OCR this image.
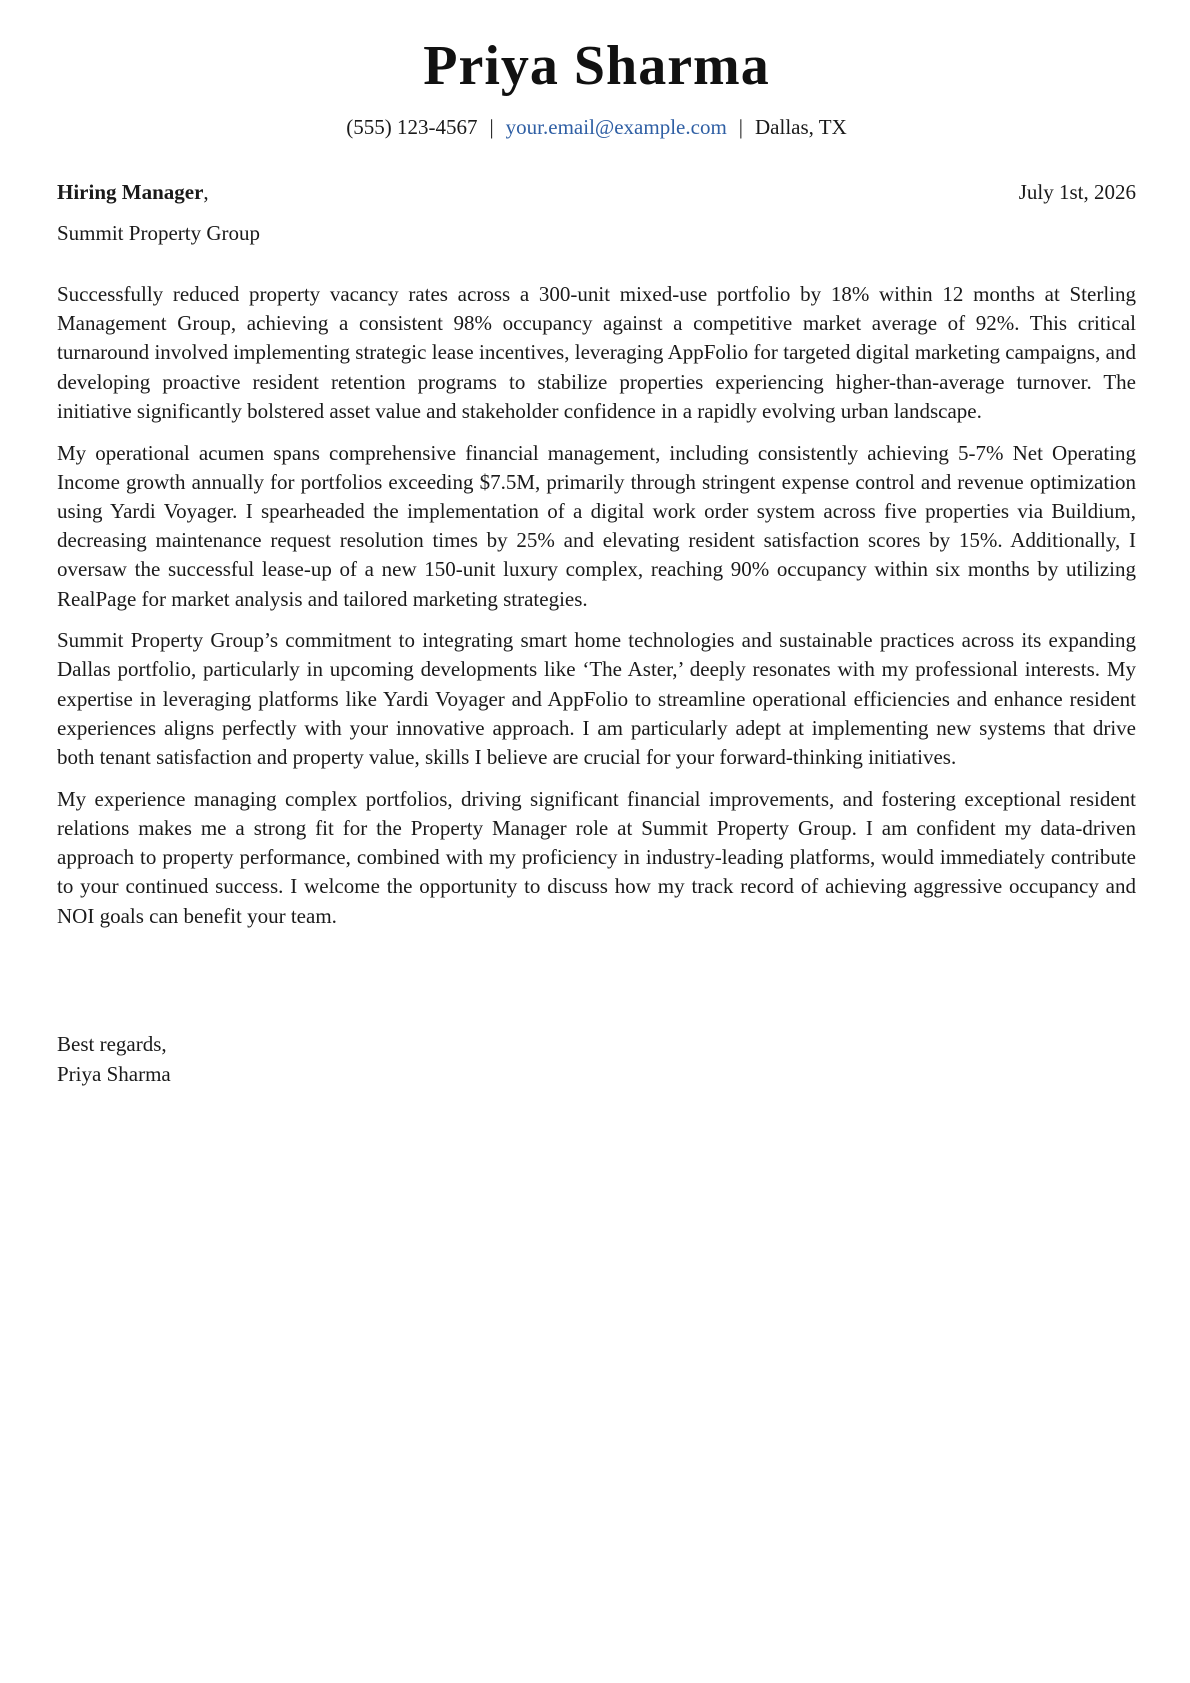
Priya Sharma
(555) 123-4567 | your.email@example.com | Dallas, TX
Hiring Manager,	July 1st, 2026
Summit Property Group

Successfully reduced property vacancy rates across a 300-unit mixed-use portfolio by 18% within 12 months at Sterling Management Group, achieving a consistent 98% occupancy against a competitive market average of 92%. This critical turnaround involved implementing strategic lease incentives, leveraging AppFolio for targeted digital marketing campaigns, and developing proactive resident retention programs to stabilize properties experiencing higher-than-average turnover. The initiative significantly bolstered asset value and stakeholder confidence in a rapidly evolving urban landscape.

My operational acumen spans comprehensive financial management, including consistently achieving 5-7% Net Operating Income growth annually for portfolios exceeding $7.5M, primarily through stringent expense control and revenue optimization using Yardi Voyager. I spearheaded the implementation of a digital work order system across five properties via Buildium, decreasing maintenance request resolution times by 25% and elevating resident satisfaction scores by 15%. Additionally, I oversaw the successful lease-up of a new 150-unit luxury complex, reaching 90% occupancy within six months by utilizing RealPage for market analysis and tailored marketing strategies.

Summit Property Group’s commitment to integrating smart home technologies and sustainable practices across its expanding Dallas portfolio, particularly in upcoming developments like ‘The Aster,’ deeply resonates with my professional interests. My expertise in leveraging platforms like Yardi Voyager and AppFolio to streamline operational efficiencies and enhance resident experiences aligns perfectly with your innovative approach. I am particularly adept at implementing new systems that drive both tenant satisfaction and property value, skills I believe are crucial for your forward-thinking initiatives.

My experience managing complex portfolios, driving significant financial improvements, and fostering exceptional resident relations makes me a strong fit for the Property Manager role at Summit Property Group. I am confident my data-driven approach to property performance, combined with my proficiency in industry-leading platforms, would immediately contribute to your continued success. I welcome the opportunity to discuss how my track record of achieving aggressive occupancy and NOI goals can benefit your team.

Best regards,
Priya Sharma
